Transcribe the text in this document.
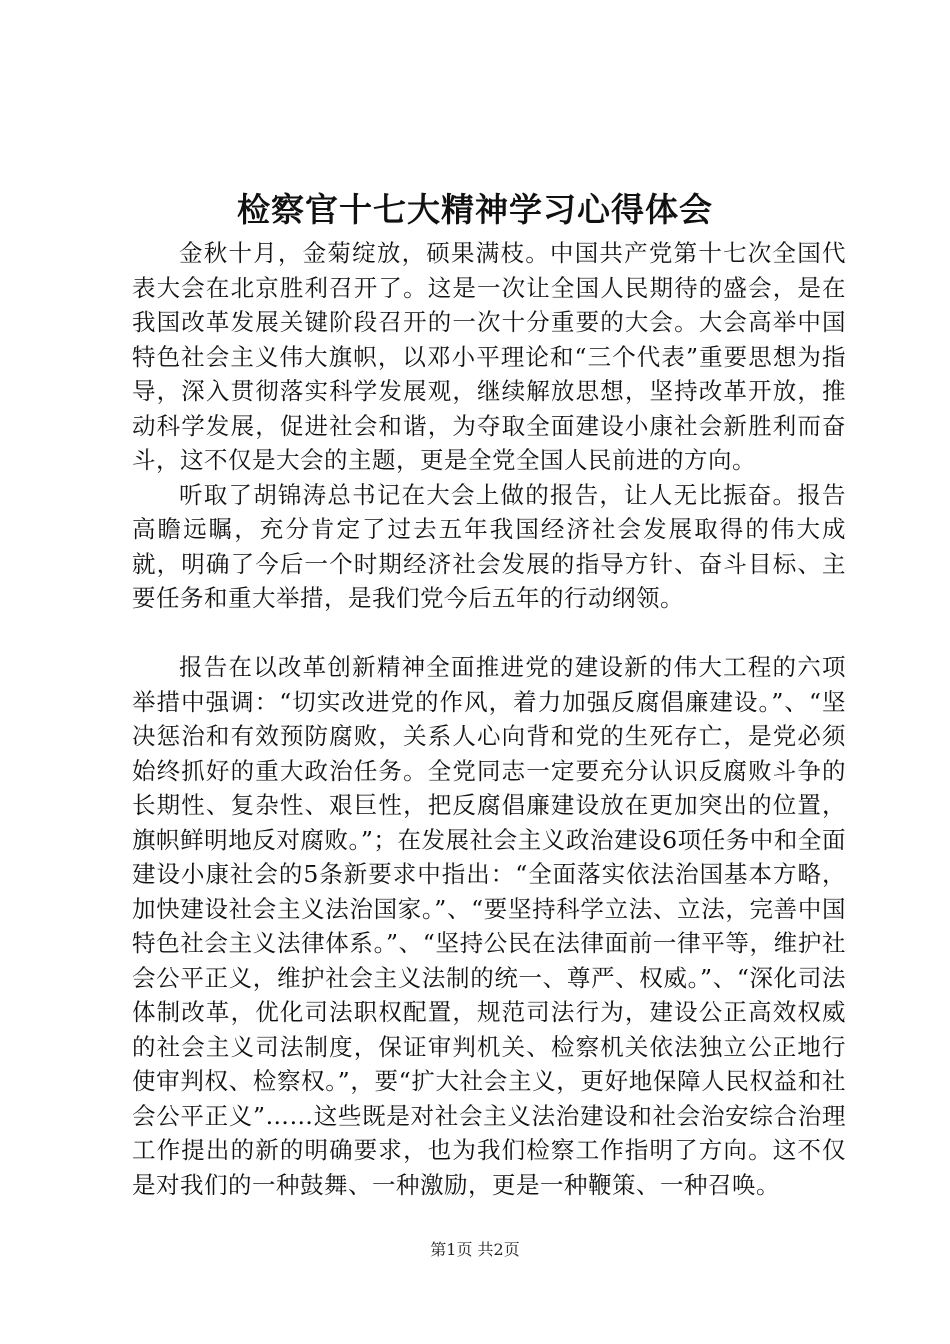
检察官十七大精神学习心得体会

金秋十月，金菊绽放，硕果满枝。中国共产党第十七次全国代表大会在北京胜利召开了。这是一次让全国人民期待的盛会，是在我国改革发展关键阶段召开的一次十分重要的大会。大会高举中国特色社会主义伟大旗帜，以邓小平理论和“三个代表”重要思想为指导，深入贯彻落实科学发展观，继续解放思想，坚持改革开放，推动科学发展，促进社会和谐，为夺取全面建设小康社会新胜利而奋斗，这不仅是大会的主题，更是全党全国人民前进的方向。

听取了胡锦涛总书记在大会上做的报告，让人无比振奋。报告高瞻远瞩，充分肯定了过去五年我国经济社会发展取得的伟大成就，明确了今后一个时期经济社会发展的指导方针、奋斗目标、主要任务和重大举措，是我们党今后五年的行动纲领。

报告在以改革创新精神全面推进党的建设新的伟大工程的六项举措中强调：“切实改进党的作风，着力加强反腐倡廉建设。”、“坚决惩治和有效预防腐败，关系人心向背和党的生死存亡，是党必须始终抓好的重大政治任务。全党同志一定要充分认识反腐败斗争的长期性、复杂性、艰巨性，把反腐倡廉建设放在更加突出的位置，旗帜鲜明地反对腐败。”；在发展社会主义政治建设6项任务中和全面建设小康社会的5条新要求中指出：“全面落实依法治国基本方略，加快建设社会主义法治国家。”、“要坚持科学立法、立法，完善中国特色社会主义法律体系。”、“坚持公民在法律面前一律平等，维护社会公平正义，维护社会主义法制的统一、尊严、权威。”、“深化司法体制改革，优化司法职权配置，规范司法行为，建设公正高效权威的社会主义司法制度，保证审判机关、检察机关依法独立公正地行使审判权、检察权。”，要“扩大社会主义，更好地保障人民权益和社会公平正义”……这些既是对社会主义法治建设和社会治安综合治理工作提出的新的明确要求，也为我们检察工作指明了方向。这不仅是对我们的一种鼓舞、一种激励，更是一种鞭策、一种召唤。

第1页 共2页
